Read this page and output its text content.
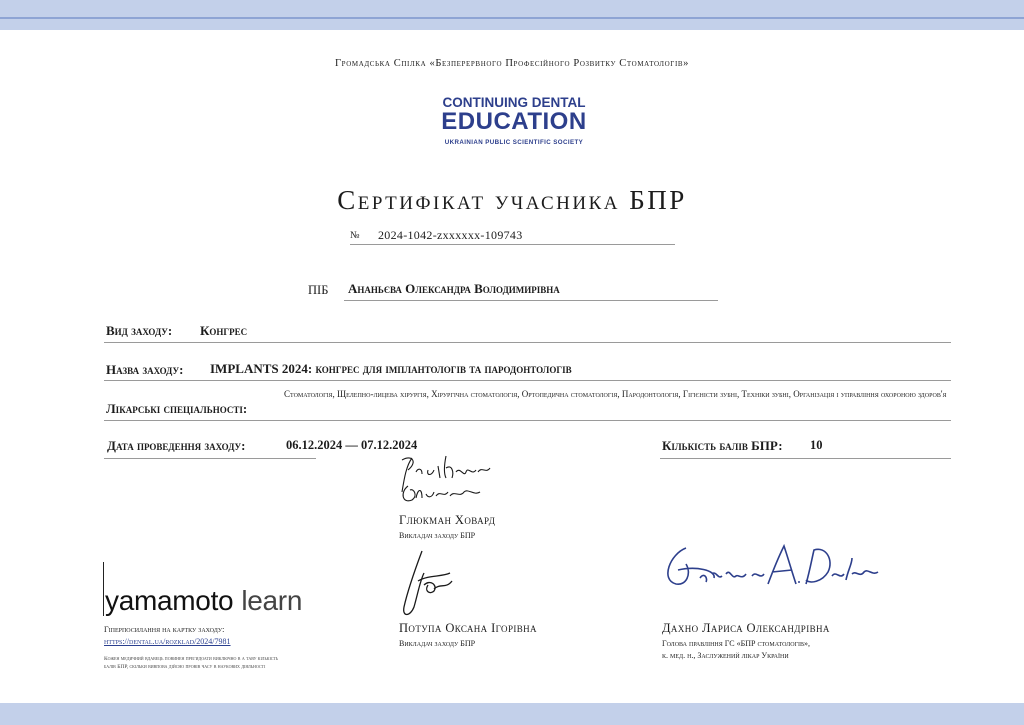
Громадська Спілка «Безперервного Професійного Розвитку Стоматологів»
CONTINUING DENTAL
EDUCATION
UKRAINIAN PUBLIC SCIENTIFIC SOCIETY
Сертифікат учасника БПР
№ 2024-1042-zxxxxxx-109743
ПІБ Ананьєва Олександра Володимирівна
Вид заходу: Конгрес
Назва заходу: IMPLANTS 2024: конгрес для імплантологів та пародонтологів
Лікарські спеціальності:
Стоматологія, Щелепно-лицева хірургія, Хірургічна стоматологія, Ортопедична стоматологія, Пародонтологія, Гігієністи зубні, Техніки зубні, Організація і управління охороною здоров'я
Дата проведення заходу:	06.12.2024 — 07.12.2024	Кількість балів БПР: 10
Глюкман Ховард
Викладач заходу БПР
Потупа Оксана Ігорівна
Викладач заходу БПР
Дахно Лариса Олександрівна
Голова правління ГС «БПР стоматологів»,
к. мед. н., Заслужений лікар України
yamamoto learn
Гіперпосилання на картку заходу:
https://dental.ua/rozklad/2024/7981
Кожен медичний вдавець повинен прегидоати виключно в а таву кількість балів БПР, скільки вивпова дійсно провів часу в наукових діяльності
